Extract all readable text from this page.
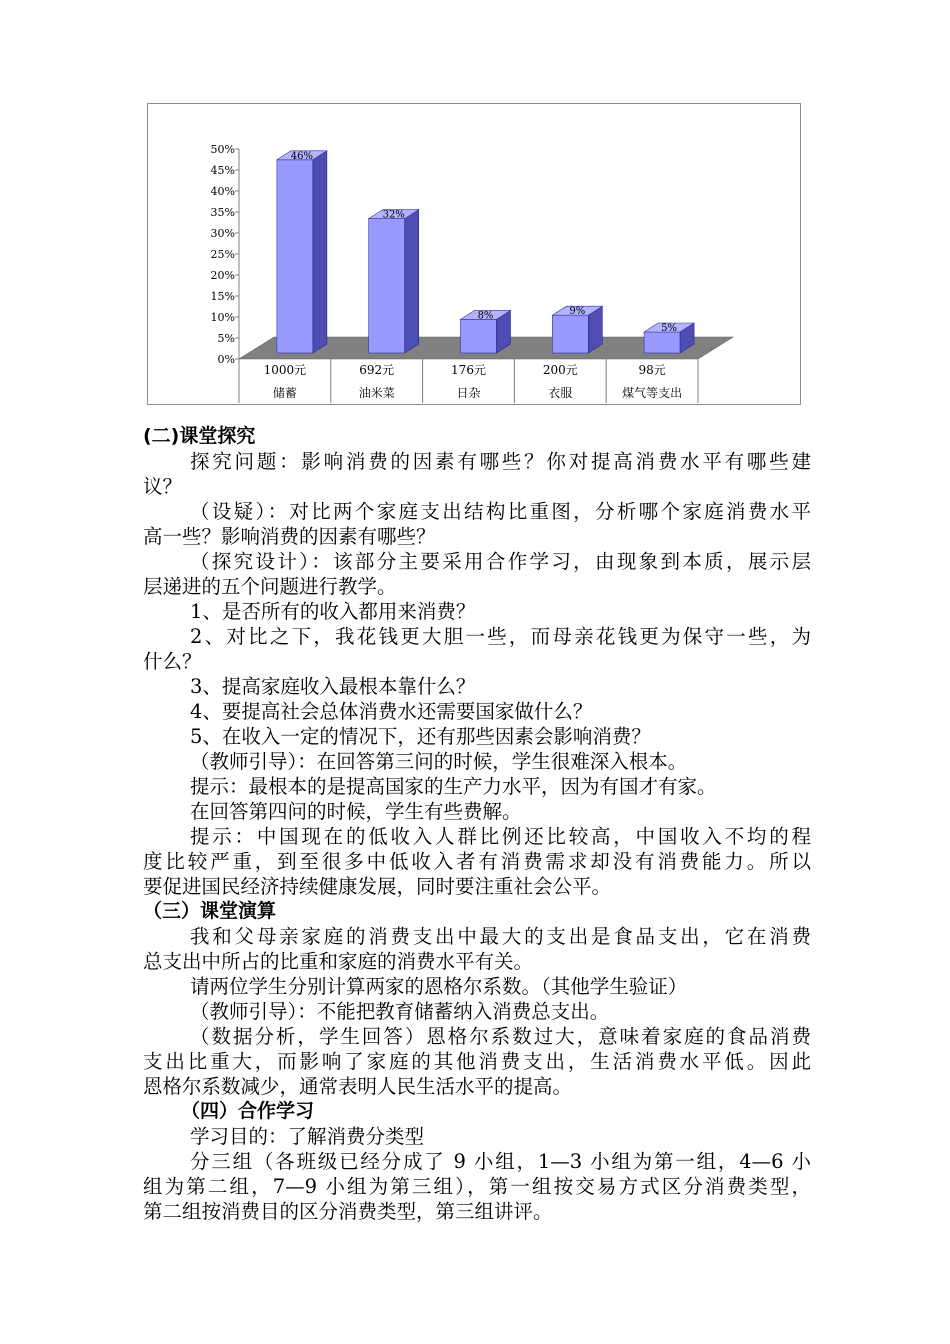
0%
5%
10%
15%
20%
25%
30%
35%
40%
45%
50%
1000元
储蓄
692元
油米菜
176元
日杂
200元
衣服
98元
煤气等支出
46%
32%
8%	9%
5%
(二)课堂探究
探究问题：影响消费的因素有哪些？你对提高消费水平有哪些建
议？
（设疑）：对比两个家庭支出结构比重图，分析哪个家庭消费水平
高一些？影响消费的因素有哪些？
（探究设计）：该部分主要采用合作学习，由现象到本质，展示层
层递进的五个问题进行教学。
1、是否所有的收入都用来消费？
2、对比之下，我花钱更大胆一些，而母亲花钱更为保守一些，为
什么？
3、提高家庭收入最根本靠什么？
4、要提高社会总体消费水还需要国家做什么？
5、在收入一定的情况下，还有那些因素会影响消费？
（教师引导）：在回答第三问的时候，学生很难深入根本。
提示：最根本的是提高国家的生产力水平，因为有国才有家。
在回答第四问的时候，学生有些费解。
提示：中国现在的低收入人群比例还比较高，中国收入不均的程
度比较严重，到至很多中低收入者有消费需求却没有消费能力。所以
要促进国民经济持续健康发展，同时要注重社会公平。
（三）课堂演算
我和父母亲家庭的消费支出中最大的支出是食品支出，它在消费
总支出中所占的比重和家庭的消费水平有关。
请两位学生分别计算两家的恩格尔系数。（其他学生验证）
（教师引导）：不能把教育储蓄纳入消费总支出。
（数据分析，学生回答）恩格尔系数过大，意味着家庭的食品消费
支出比重大，而影响了家庭的其他消费支出，生活消费水平低。因此
恩格尔系数减少，通常表明人民生活水平的提高。
（四）合作学习
学习目的：了解消费分类型
分三组（各班级已经分成了 9 小组，1—3 小组为第一组，4—6 小
组为第二组，7—9 小组为第三组），第一组按交易方式区分消费类型，
第二组按消费目的区分消费类型，第三组讲评。
